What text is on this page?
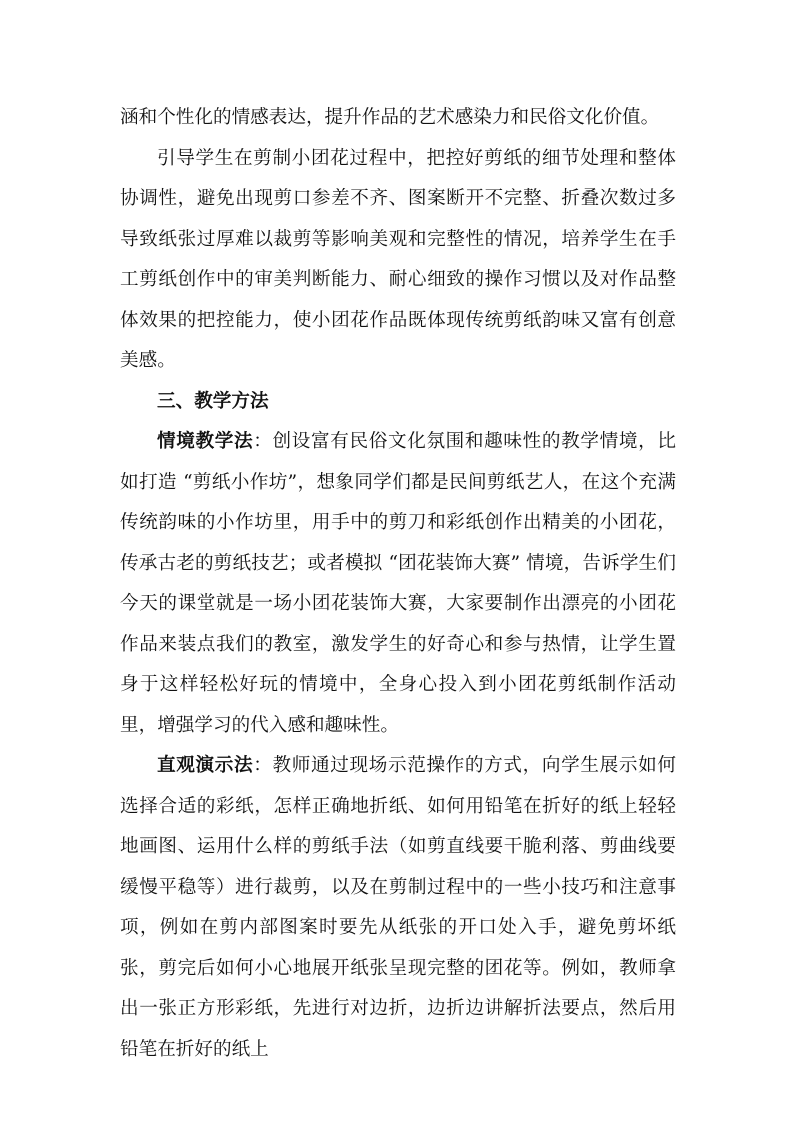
涵和个性化的情感表达，提升作品的艺术感染力和民俗文化价值。

引导学生在剪制小团花过程中，把控好剪纸的细节处理和整体协调性，避免出现剪口参差不齐、图案断开不完整、折叠次数过多导致纸张过厚难以裁剪等影响美观和完整性的情况，培养学生在手工剪纸创作中的审美判断能力、耐心细致的操作习惯以及对作品整体效果的把控能力，使小团花作品既体现传统剪纸韵味又富有创意美感。

三、教学方法

情境教学法：创设富有民俗文化氛围和趣味性的教学情境，比如打造 “剪纸小作坊”，想象同学们都是民间剪纸艺人，在这个充满传统韵味的小作坊里，用手中的剪刀和彩纸创作出精美的小团花，传承古老的剪纸技艺；或者模拟 “团花装饰大赛” 情境，告诉学生们今天的课堂就是一场小团花装饰大赛，大家要制作出漂亮的小团花作品来装点我们的教室，激发学生的好奇心和参与热情，让学生置身于这样轻松好玩的情境中，全身心投入到小团花剪纸制作活动里，增强学习的代入感和趣味性。

直观演示法：教师通过现场示范操作的方式，向学生展示如何选择合适的彩纸，怎样正确地折纸、如何用铅笔在折好的纸上轻轻地画图、运用什么样的剪纸手法（如剪直线要干脆利落、剪曲线要缓慢平稳等）进行裁剪，以及在剪制过程中的一些小技巧和注意事项，例如在剪内部图案时要先从纸张的开口处入手，避免剪坏纸张，剪完后如何小心地展开纸张呈现完整的团花等。例如，教师拿出一张正方形彩纸，先进行对边折，边折边讲解折法要点，然后用铅笔在折好的纸上
